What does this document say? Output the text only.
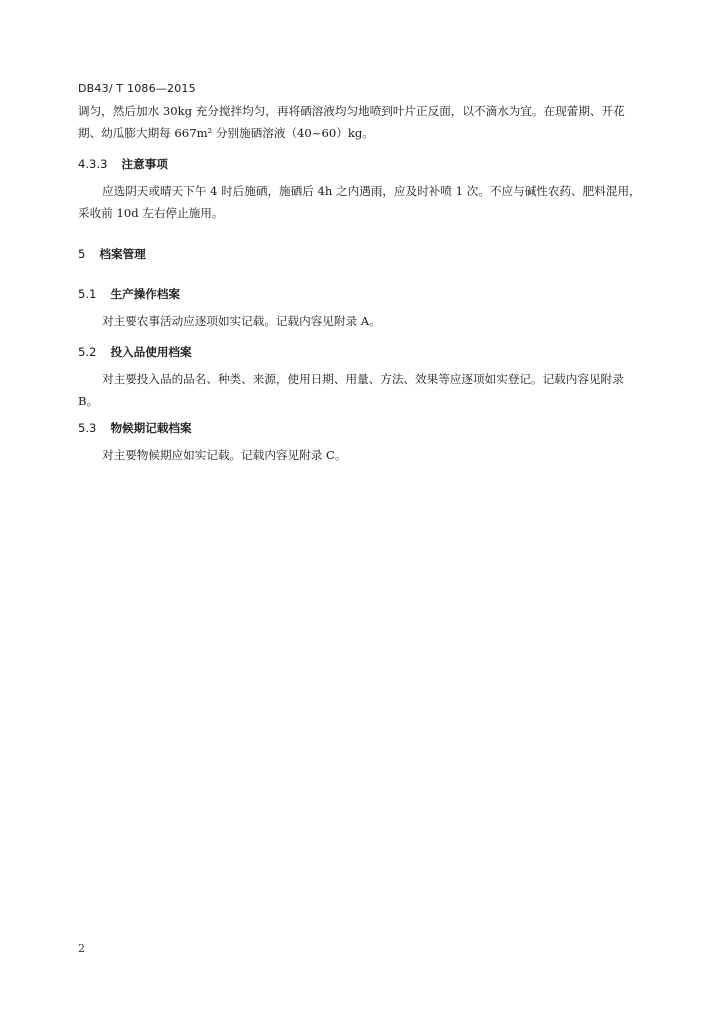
DB43/ T 1086—2015
调匀，然后加水 30kg 充分搅拌均匀，再将硒溶液均匀地喷到叶片正反面，以不滴水为宜。在现蕾期、开花期、幼瓜膨大期每 667m² 分别施硒溶液（40~60）kg。
4.3.3 注意事项
应选阴天或晴天下午 4 时后施硒，施硒后 4h 之内遇雨，应及时补喷 1 次。不应与碱性农药、肥料混用，采收前 10d 左右停止施用。
5 档案管理
5.1 生产操作档案
对主要农事活动应逐项如实记载。记载内容见附录 A。
5.2 投入品使用档案
对主要投入品的品名、种类、来源，使用日期、用量、方法、效果等应逐项如实登记。记载内容见附录 B。
5.3 物候期记载档案
对主要物候期应如实记载。记载内容见附录 C。
2
